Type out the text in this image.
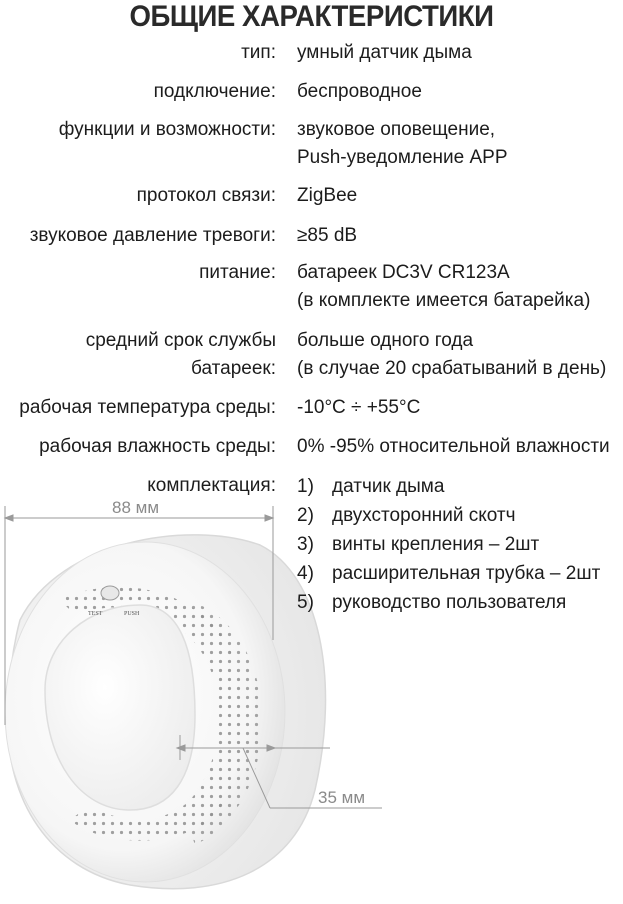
ОБЩИЕ ХАРАКТЕРИСТИКИ
тип: умный датчик дыма
подключение: беспроводное
функции и возможности: звуковое оповещение,
Push-уведомление APP
протокол связи: ZigBee
звуковое давление тревоги: ≥85 dB
питание: батареек DC3V CR123A
(в комплекте имеется батарейка)
средний срок службы
батареек:
больше одного года
(в случае 20 срабатываний в день)
рабочая температура среды: -10°C ÷ +55°C
рабочая влажность среды: 0% -95% относительной влажности
комплектация:
TEST	PUSH
88 мм
35 мм
1) датчик дыма
2) двухсторонний скотч
3) винты крепления – 2шт
4) расширительная трубка – 2шт
5) руководство пользователя
